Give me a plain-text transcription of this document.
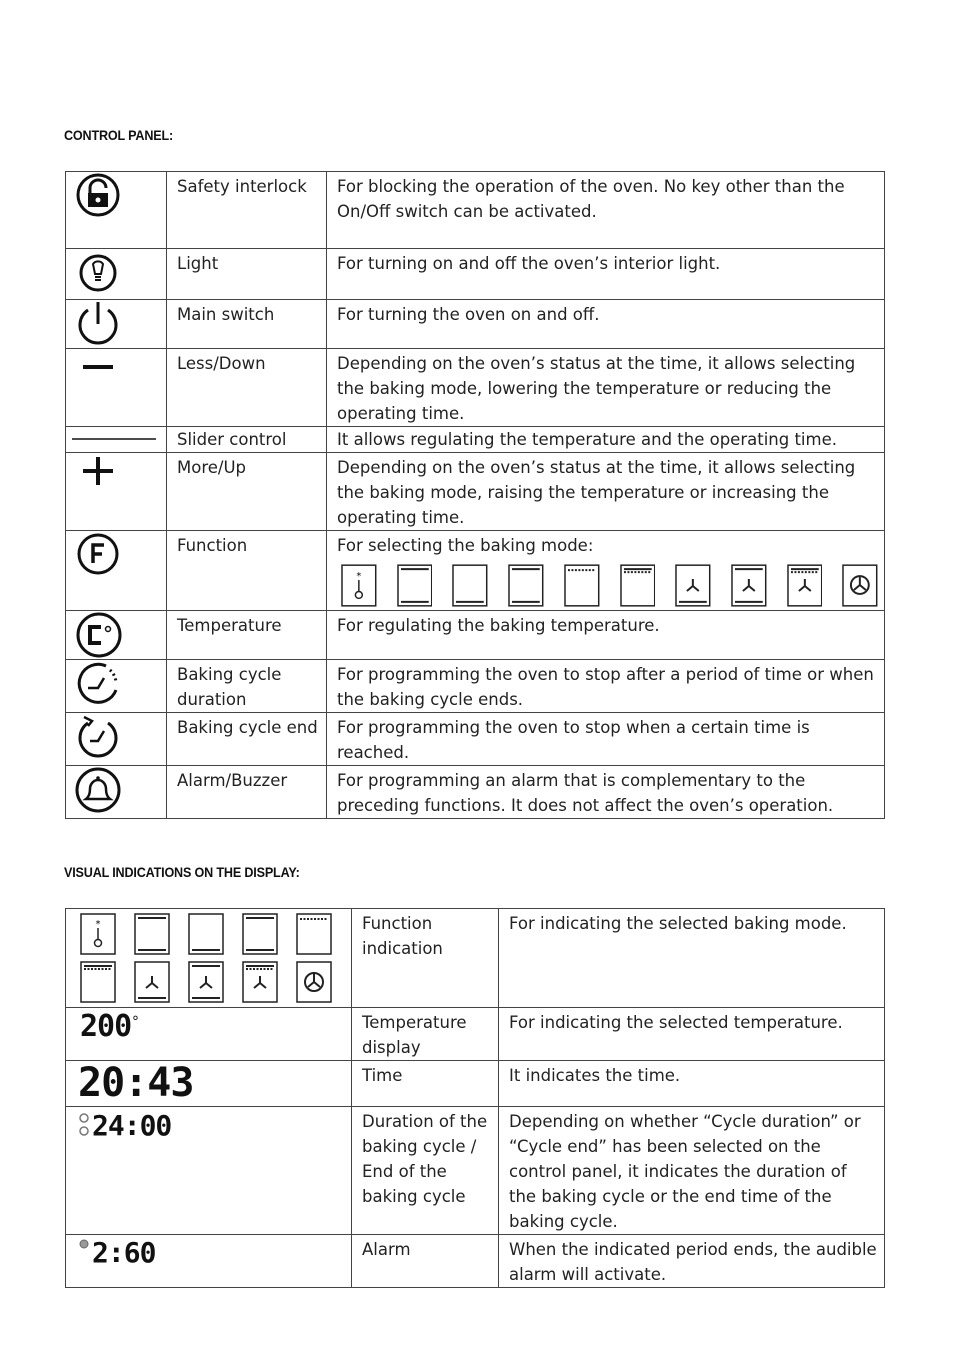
CONTROL PANEL:
	Safety interlock	For blocking the operation of the oven. No key other than the On/Off switch can be activated.

	Light	For turning on and off the oven’s interior light.

	Main switch	For turning the oven on and off.

	Less/Down	Depending on the oven’s status at the time, it allows selecting the baking mode, lowering the temperature or reducing the operating time.

	Slider control	It allows regulating the temperature and the operating time.

	More/Up	Depending on the oven’s status at the time, it allows selecting the baking mode, raising the temperature or increasing the operating time.

	Function	For selecting the baking mode:
*

	Temperature	For regulating the baking temperature.

	Baking cycle duration	For programming the oven to stop after a period of time or when the baking cycle ends.

	Baking cycle end	For programming the oven to stop when a certain time is reached.

	Alarm/Buzzer	For programming an alarm that is complementary to the preceding functions. It does not affect the oven’s operation.
VISUAL INDICATIONS ON THE DISPLAY:
*	Function indication	For indicating the selected baking mode.
200°	Temperature display	For indicating the selected temperature.
20:43	Time	It indicates the time.

24:00	Duration of the baking cycle / End of the baking cycle	Depending on whether “Cycle duration” or “Cycle end” has been selected on the control panel, it indicates the duration of the baking cycle or the end time of the baking cycle.

2:60	Alarm	When the indicated period ends, the audible alarm will activate.
